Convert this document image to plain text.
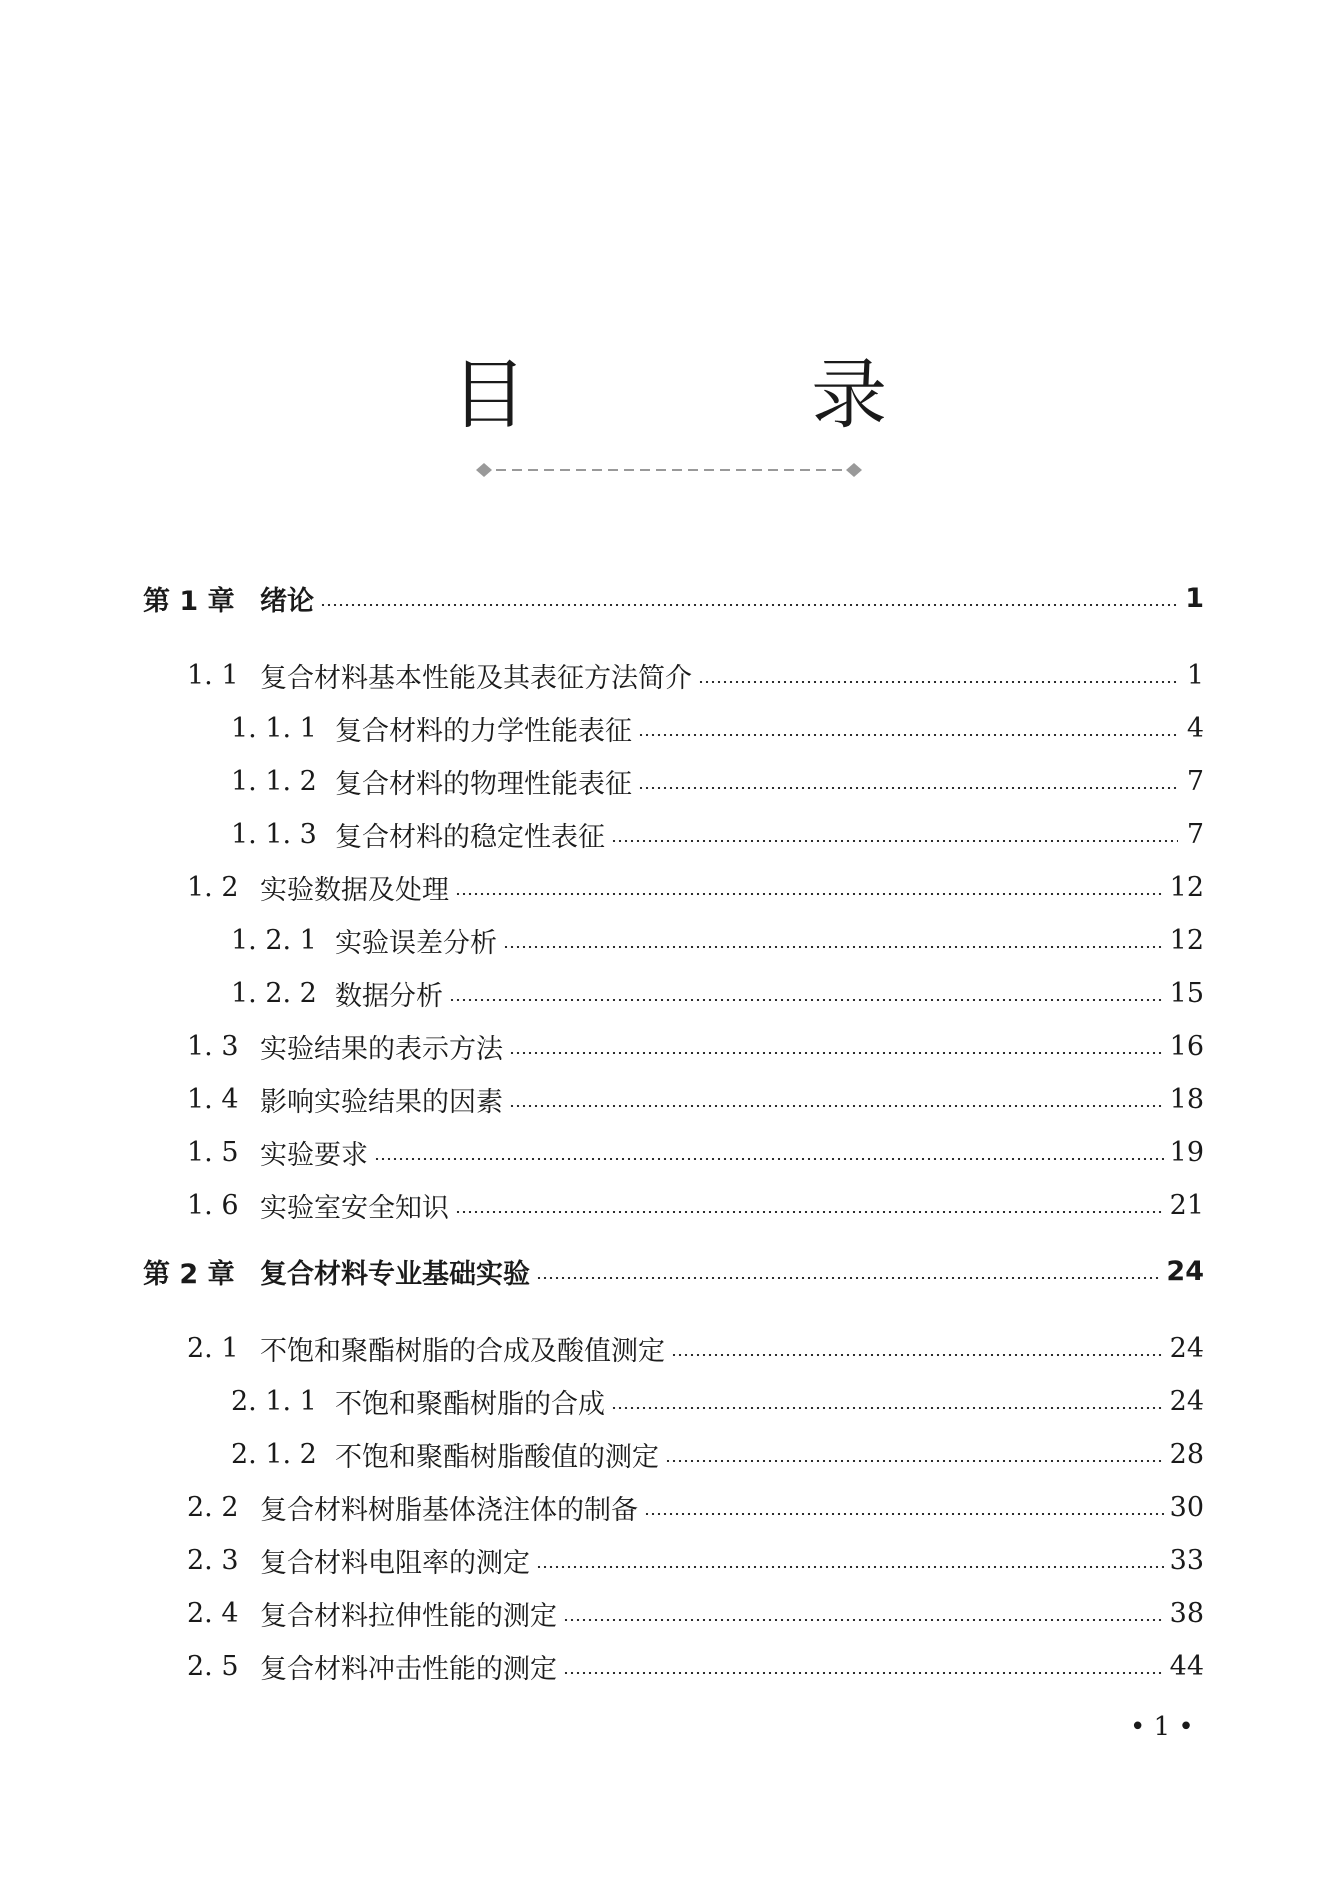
目 录
第 1 章 绪论	1
1. 1 复合材料基本性能及其表征方法简介	1
1. 1. 1 复合材料的力学性能表征	4
1. 1. 2 复合材料的物理性能表征	7
1. 1. 3 复合材料的稳定性表征	7
1. 2 实验数据及处理	12
1. 2. 1 实验误差分析	12
1. 2. 2 数据分析	15
1. 3 实验结果的表示方法	16
1. 4 影响实验结果的因素	18
1. 5 实验要求	19
1. 6 实验室安全知识	21
第 2 章 复合材料专业基础实验	24
2. 1 不饱和聚酯树脂的合成及酸值测定	24
2. 1. 1 不饱和聚酯树脂的合成	24
2. 1. 2 不饱和聚酯树脂酸值的测定	28
2. 2 复合材料树脂基体浇注体的制备	30
2. 3 复合材料电阻率的测定	33
2. 4 复合材料拉伸性能的测定	38
2. 5 复合材料冲击性能的测定	44
• 1 •
